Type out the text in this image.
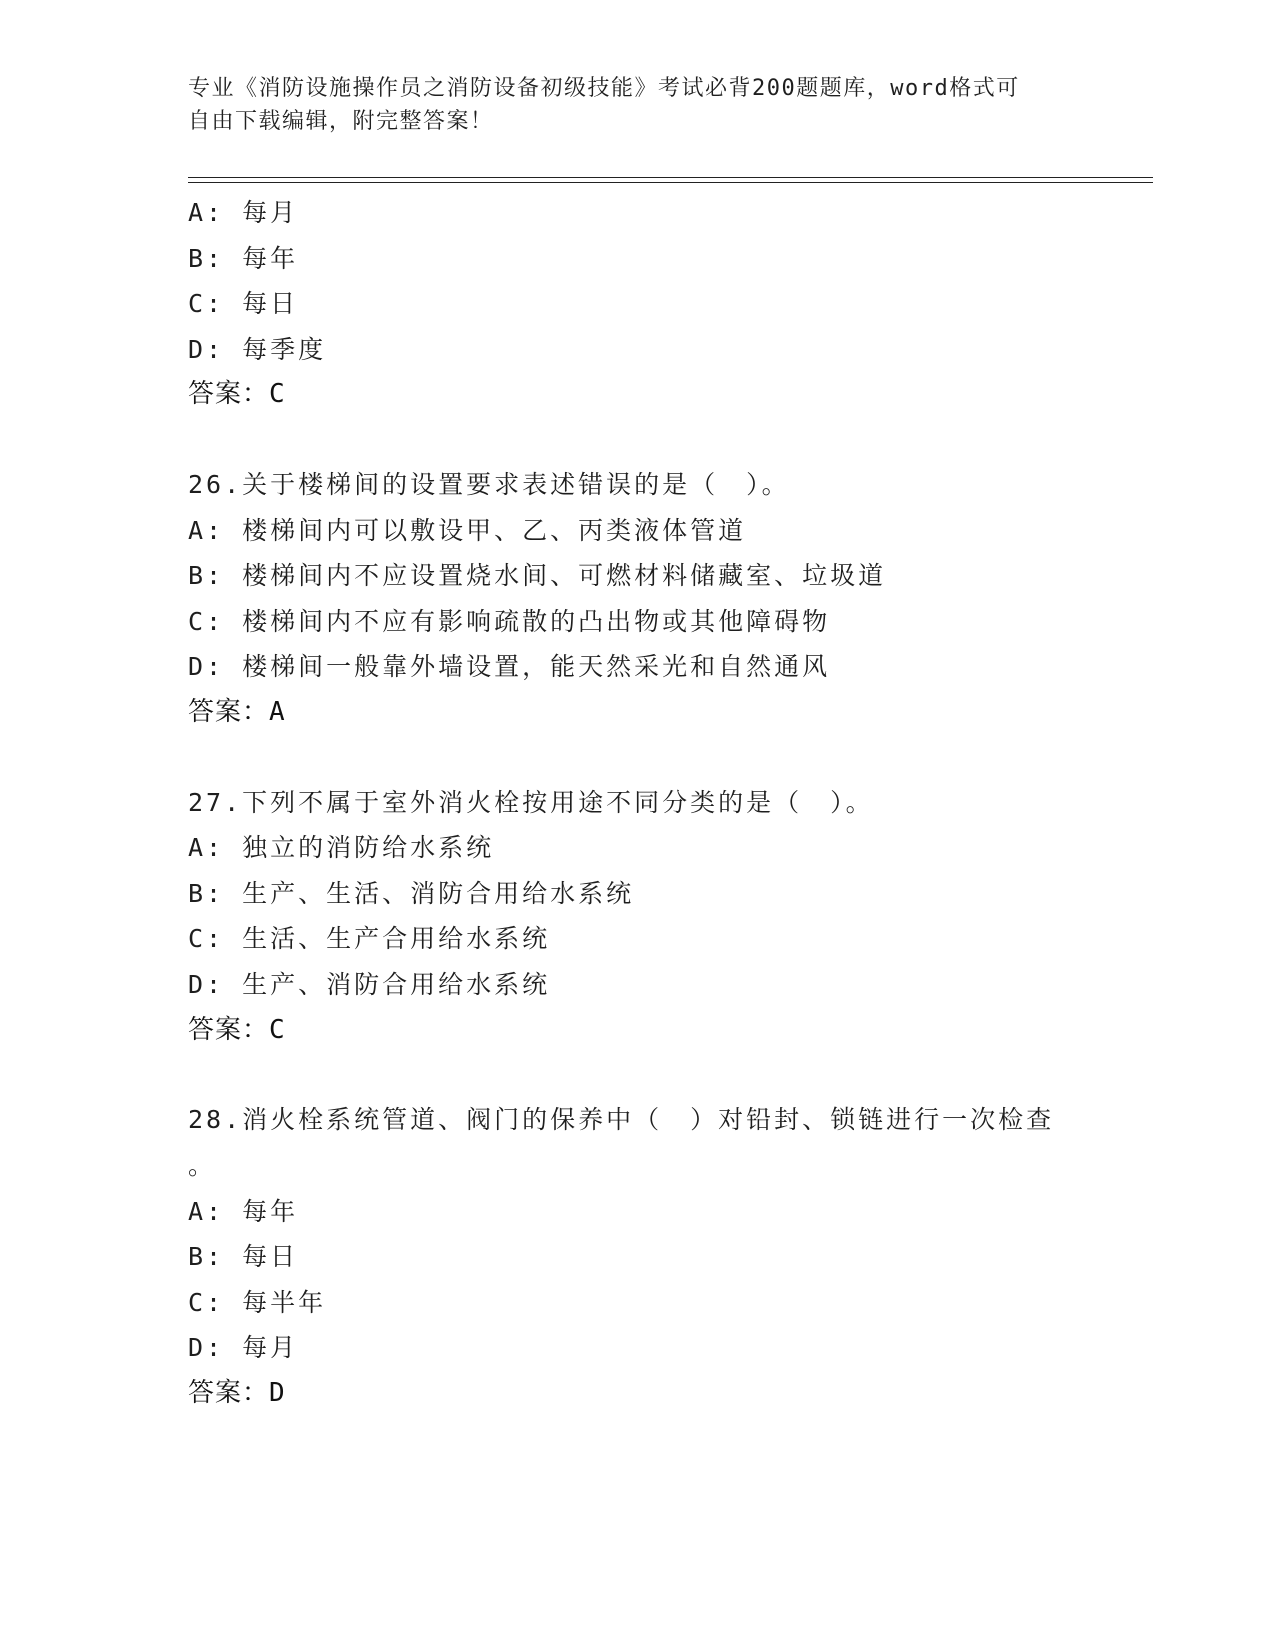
专业《消防设施操作员之消防设备初级技能》考试必背200题题库，word格式可
自由下载编辑，附完整答案！
A: 每月
B: 每年
C: 每日
D: 每季度
答案：C
26.关于楼梯间的设置要求表述错误的是（　）。
A: 楼梯间内可以敷设甲、乙、丙类液体管道
B: 楼梯间内不应设置烧水间、可燃材料储藏室、垃圾道
C: 楼梯间内不应有影响疏散的凸出物或其他障碍物
D: 楼梯间一般靠外墙设置，能天然采光和自然通风
答案：A
27.下列不属于室外消火栓按用途不同分类的是（　）。
A: 独立的消防给水系统
B: 生产、生活、消防合用给水系统
C: 生活、生产合用给水系统
D: 生产、消防合用给水系统
答案：C
28.消火栓系统管道、阀门的保养中（　）对铅封、锁链进行一次检查
。
A: 每年
B: 每日
C: 每半年
D: 每月
答案：D
